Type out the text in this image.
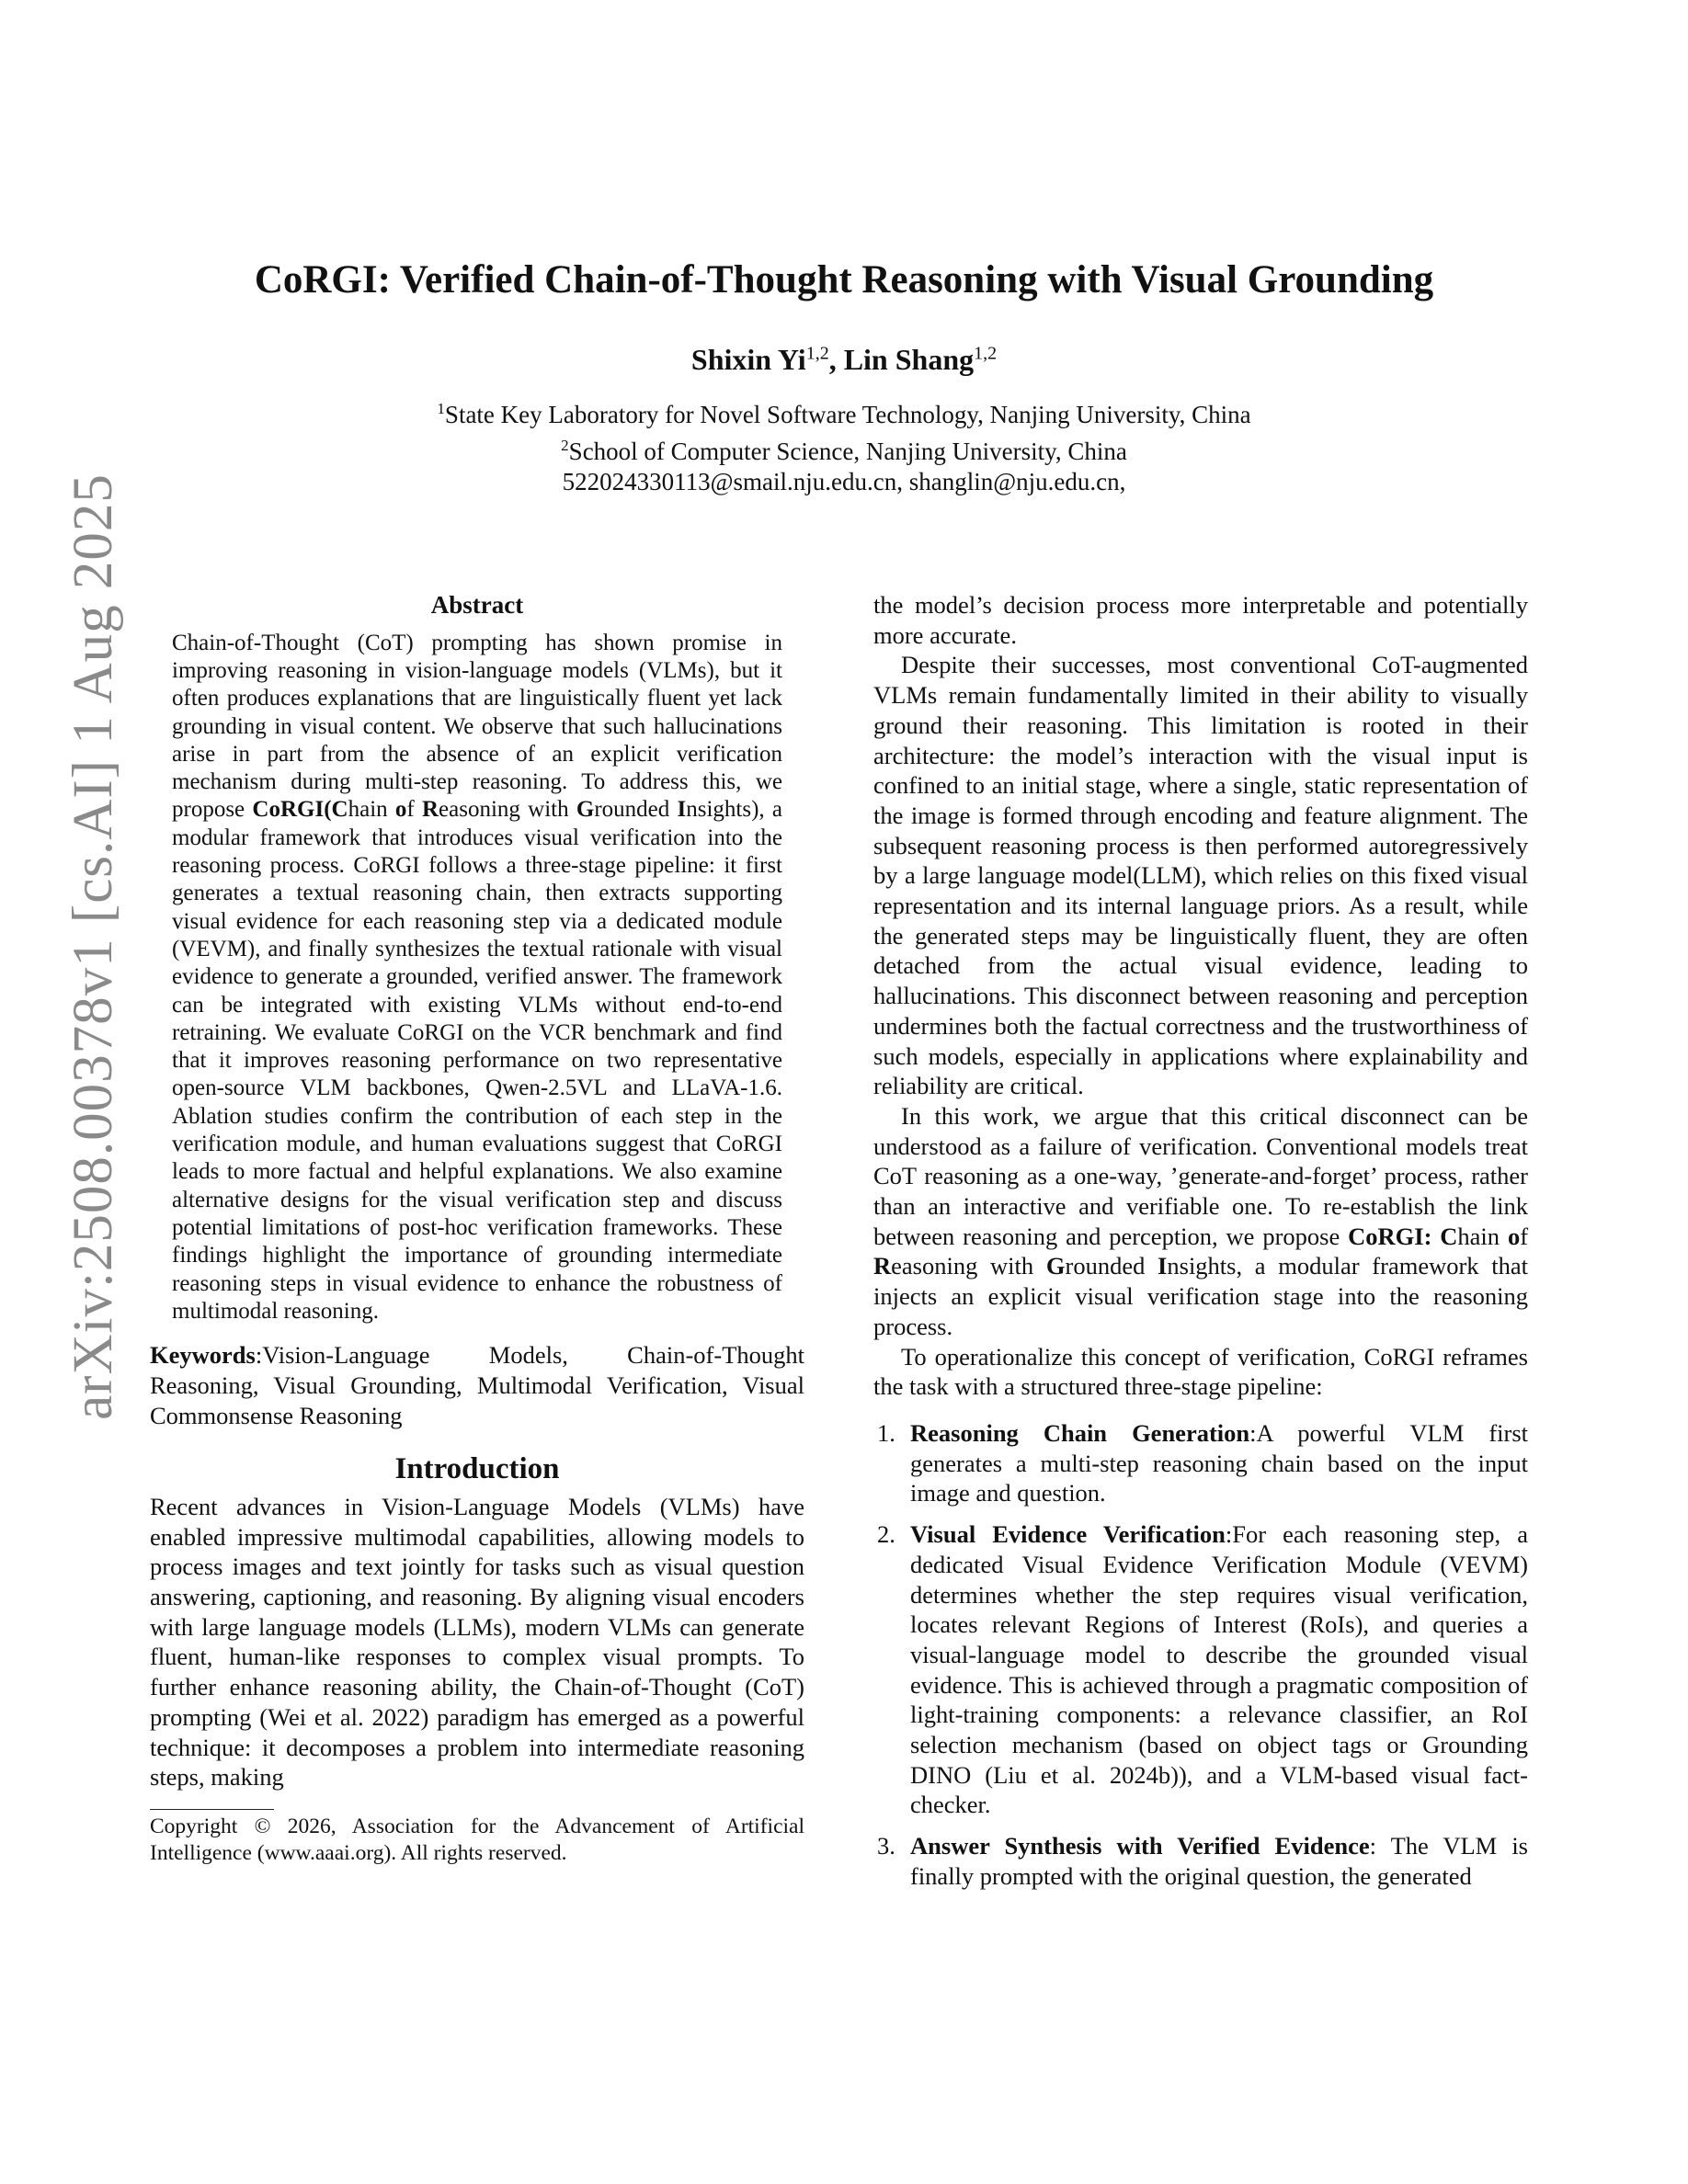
arXiv:2508.00378v1 [cs.AI] 1 Aug 2025
CoRGI: Verified Chain-of-Thought Reasoning with Visual Grounding
Shixin Yi$^{1,2}$, Lin Shang$^{1,2}$
$^1$State Key Laboratory for Novel Software Technology, Nanjing University, China
$^2$School of Computer Science, Nanjing University, China
522024330113@smail.nju.edu.cn, shanglin@nju.edu.cn,
Abstract

Chain-of-Thought (CoT) prompting has shown promise in improving reasoning in vision-language models (VLMs), but it often produces explanations that are linguistically fluent yet lack grounding in visual content. We observe that such hallucinations arise in part from the absence of an explicit verification mechanism during multi-step reasoning. To address this, we propose CoRGI(Chain of Reasoning with Grounded Insights), a modular framework that introduces visual verification into the reasoning process. CoRGI follows a three-stage pipeline: it first generates a textual reasoning chain, then extracts supporting visual evidence for each reasoning step via a dedicated module (VEVM), and finally synthesizes the textual rationale with visual evidence to generate a grounded, verified answer. The framework can be integrated with existing VLMs without end-to-end retraining. We evaluate CoRGI on the VCR benchmark and find that it improves reasoning performance on two representative open-source VLM backbones, Qwen-2.5VL and LLaVA-1.6. Ablation studies confirm the contribution of each step in the verification module, and human evaluations suggest that CoRGI leads to more factual and helpful explanations. We also examine alternative designs for the visual verification step and discuss potential limitations of post-hoc verification frameworks. These findings highlight the importance of grounding intermediate reasoning steps in visual evidence to enhance the robustness of multimodal reasoning.

Keywords:Vision-Language Models, Chain-of-Thought Reasoning, Visual Grounding, Multimodal Verification, Visual Commonsense Reasoning

Introduction

Recent advances in Vision-Language Models (VLMs) have enabled impressive multimodal capabilities, allowing models to process images and text jointly for tasks such as visual question answering, captioning, and reasoning. By aligning visual encoders with large language models (LLMs), modern VLMs can generate fluent, human-like responses to complex visual prompts. To further enhance reasoning ability, the Chain-of-Thought (CoT) prompting (Wei et al. 2022) paradigm has emerged as a powerful technique: it decomposes a problem into intermediate reasoning steps, making

Copyright © 2026, Association for the Advancement of Artificial Intelligence (www.aaai.org). All rights reserved.

the model’s decision process more interpretable and potentially more accurate.

Despite their successes, most conventional CoT-augmented VLMs remain fundamentally limited in their ability to visually ground their reasoning. This limitation is rooted in their architecture: the model’s interaction with the visual input is confined to an initial stage, where a single, static representation of the image is formed through encoding and feature alignment. The subsequent reasoning process is then performed autoregressively by a large language model(LLM), which relies on this fixed visual representation and its internal language priors. As a result, while the generated steps may be linguistically fluent, they are often detached from the actual visual evidence, leading to hallucinations. This disconnect between reasoning and perception undermines both the factual correctness and the trustworthiness of such models, especially in applications where explainability and reliability are critical.

In this work, we argue that this critical disconnect can be understood as a failure of verification. Conventional models treat CoT reasoning as a one-way, ’generate-and-forget’ process, rather than an interactive and verifiable one. To re-establish the link between reasoning and perception, we propose CoRGI: Chain of Reasoning with Grounded Insights, a modular framework that injects an explicit visual verification stage into the reasoning process.

To operationalize this concept of verification, CoRGI reframes the task with a structured three-stage pipeline:

1. Reasoning Chain Generation:A powerful VLM first generates a multi-step reasoning chain based on the input image and question.
2. Visual Evidence Verification:For each reasoning step, a dedicated Visual Evidence Verification Module (VEVM) determines whether the step requires visual verification, locates relevant Regions of Interest (RoIs), and queries a visual-language model to describe the grounded visual evidence. This is achieved through a pragmatic composition of light-training components: a relevance classifier, an RoI selection mechanism (based on object tags or Grounding DINO (Liu et al. 2024b)), and a VLM-based visual fact-checker.
3. Answer Synthesis with Verified Evidence: The VLM is finally prompted with the original question, the generated
